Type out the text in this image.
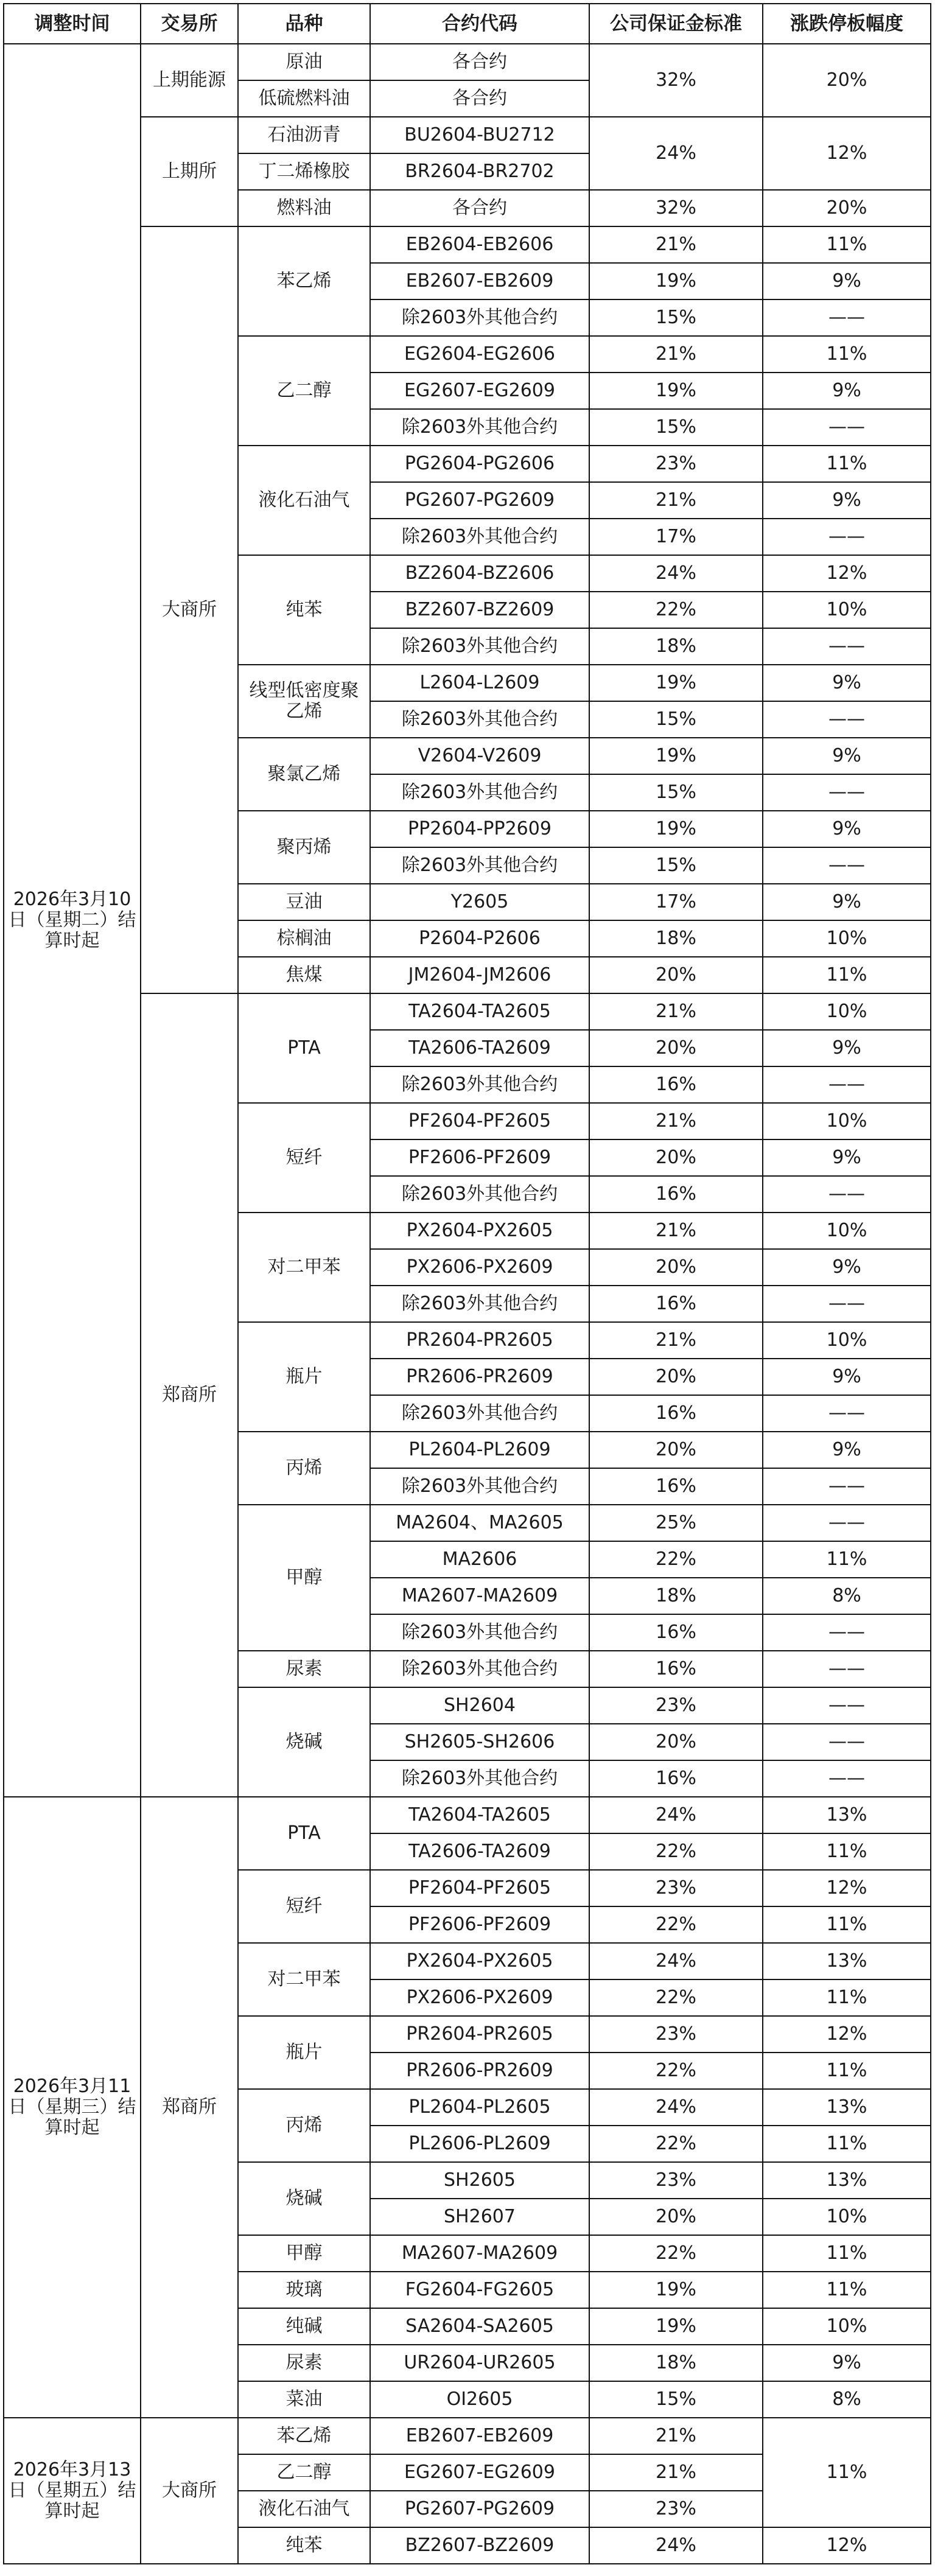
调整时间	交易所	品种	合约代码	公司保证金标准	涨跌停板幅度
2026年3月10日（星期二）结算时起	上期能源	原油	各合约	32%	20%
		低硫燃料油	各合约		
	上期所	石油沥青	BU2604-BU2712	24%	12%
		丁二烯橡胶	BR2604-BR2702		
		燃料油	各合约	32%	20%
	大商所	苯乙烯	EB2604-EB2606	21%	11%
			EB2607-EB2609	19%	9%
			除2603外其他合约	15%	——
		乙二醇	EG2604-EG2606	21%	11%
			EG2607-EG2609	19%	9%
			除2603外其他合约	15%	——
		液化石油气	PG2604-PG2606	23%	11%
			PG2607-PG2609	21%	9%
			除2603外其他合约	17%	——
		纯苯	BZ2604-BZ2606	24%	12%
			BZ2607-BZ2609	22%	10%
			除2603外其他合约	18%	——
		线型低密度聚乙烯	L2604-L2609	19%	9%
			除2603外其他合约	15%	——
		聚氯乙烯	V2604-V2609	19%	9%
			除2603外其他合约	15%	——
		聚丙烯	PP2604-PP2609	19%	9%
			除2603外其他合约	15%	——
		豆油	Y2605	17%	9%
		棕榈油	P2604-P2606	18%	10%
		焦煤	JM2604-JM2606	20%	11%
	郑商所	PTA	TA2604-TA2605	21%	10%
			TA2606-TA2609	20%	9%
			除2603外其他合约	16%	——
		短纤	PF2604-PF2605	21%	10%
			PF2606-PF2609	20%	9%
			除2603外其他合约	16%	——
		对二甲苯	PX2604-PX2605	21%	10%
			PX2606-PX2609	20%	9%
			除2603外其他合约	16%	——
		瓶片	PR2604-PR2605	21%	10%
			PR2606-PR2609	20%	9%
			除2603外其他合约	16%	——
		丙烯	PL2604-PL2609	20%	9%
			除2603外其他合约	16%	——
		甲醇	MA2604、MA2605	25%	——
			MA2606	22%	11%
			MA2607-MA2609	18%	8%
			除2603外其他合约	16%	——
		尿素	除2603外其他合约	16%	——
		烧碱	SH2604	23%	——
			SH2605-SH2606	20%	——
			除2603外其他合约	16%	——
2026年3月11日（星期三）结算时起	郑商所	PTA	TA2604-TA2605	24%	13%
			TA2606-TA2609	22%	11%
		短纤	PF2604-PF2605	23%	12%
			PF2606-PF2609	22%	11%
		对二甲苯	PX2604-PX2605	24%	13%
			PX2606-PX2609	22%	11%
		瓶片	PR2604-PR2605	23%	12%
			PR2606-PR2609	22%	11%
		丙烯	PL2604-PL2605	24%	13%
			PL2606-PL2609	22%	11%
		烧碱	SH2605	23%	13%
			SH2607	20%	10%
		甲醇	MA2607-MA2609	22%	11%
		玻璃	FG2604-FG2605	19%	11%
		纯碱	SA2604-SA2605	19%	10%
		尿素	UR2604-UR2605	18%	9%
		菜油	OI2605	15%	8%
2026年3月13日（星期五）结算时起	大商所	苯乙烯	EB2607-EB2609	21%	11%
		乙二醇	EG2607-EG2609	21%	
		液化石油气	PG2607-PG2609	23%	
		纯苯	BZ2607-BZ2609	24%	12%
